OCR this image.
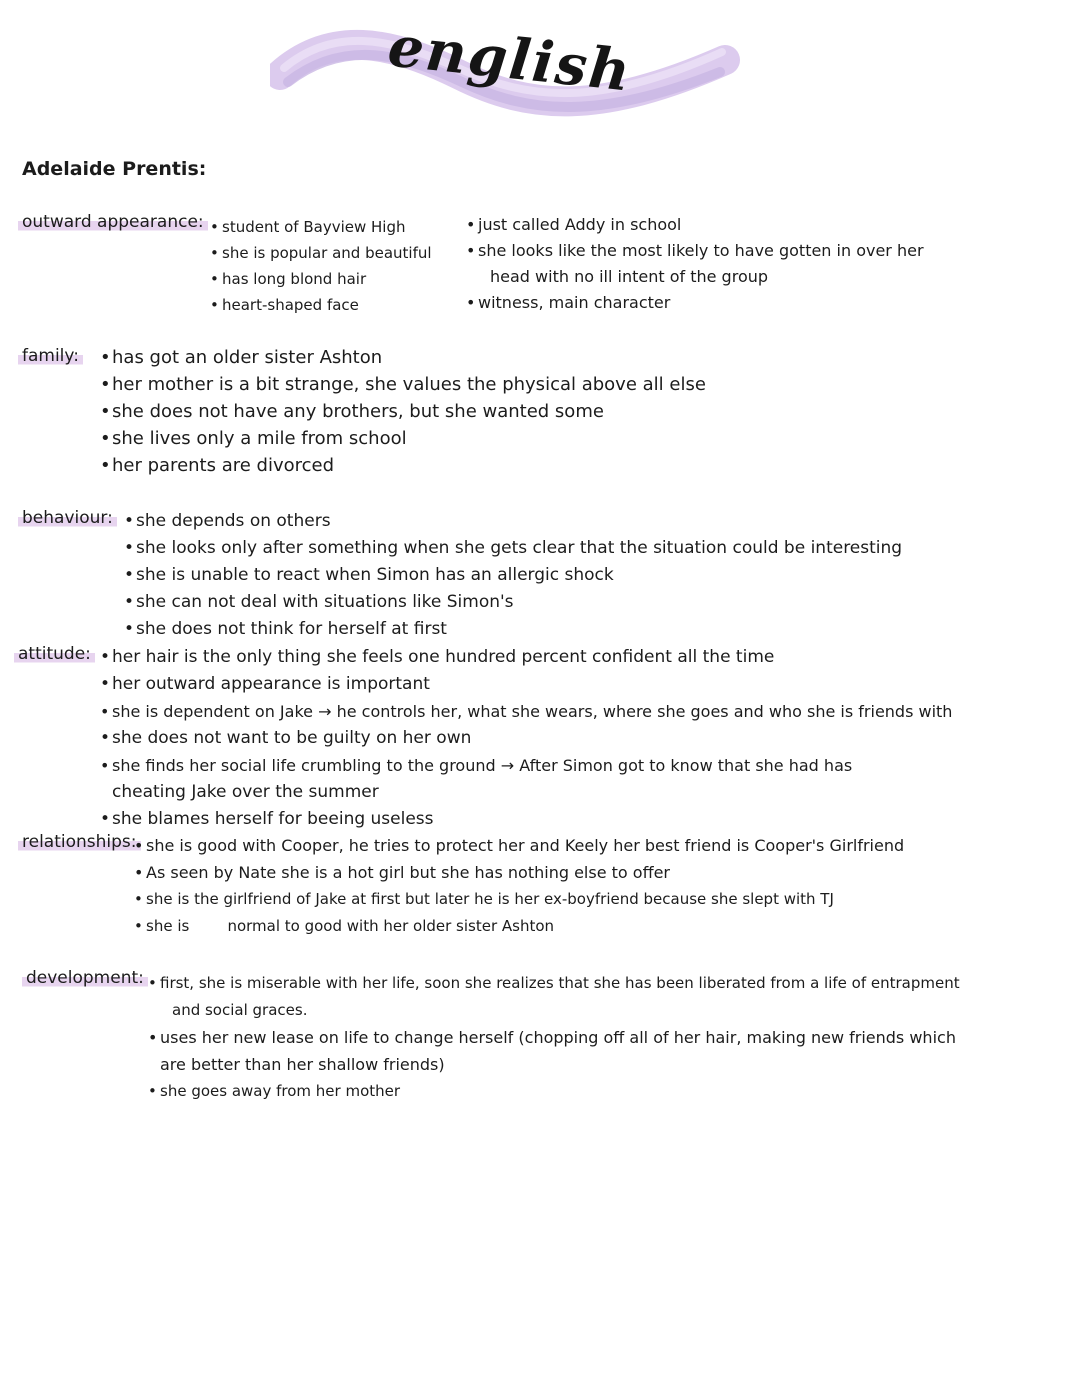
english
Adelaide Prentis:
outward appearance:	• student of Bayview High
• she is popular and beautiful
• has long blond hair
• heart-shaped face
• just called Addy in school
• she looks like the most likely to have gotten in over her
head with no ill intent of the group
• witness, main character
family:	• has got an older sister Ashton
• her mother is a bit strange, she values the physical above all else
• she does not have any brothers, but she wanted some
• she lives only a mile from school
• her parents are divorced
behaviour:	• she depends on others
• she looks only after something when she gets clear that the situation could be interesting
• she is unable to react when Simon has an allergic shock
• she can not deal with situations like Simon's
• she does not think for herself at first
attitude:	• her hair is the only thing she feels one hundred percent confident all the time
• her outward appearance is important
• she is dependent on Jake → he controls her, what she wears, where she goes and who she is friends with
• she does not want to be guilty on her own
• she finds her social life crumbling to the ground → After Simon got to know that she had has
cheating Jake over the summer
• she blames herself for beeing useless
relationships: • she is good with Cooper, he tries to protect her and Keely her best friend is Cooper's Girlfriend
• As seen by Nate she is a hot girl but she has nothing else to offer
• she is the girlfriend of Jake at first but later he is her ex-boyfriend because she slept with TJ
• she is        normal to good with her older sister Ashton
development:	• first, she is miserable with her life, soon she realizes that she has been liberated from a life of entrapment
and social graces.
• uses her new lease on life to change herself (chopping off all of her hair, making new friends which
are better than her shallow friends)
• she goes away from her mother
